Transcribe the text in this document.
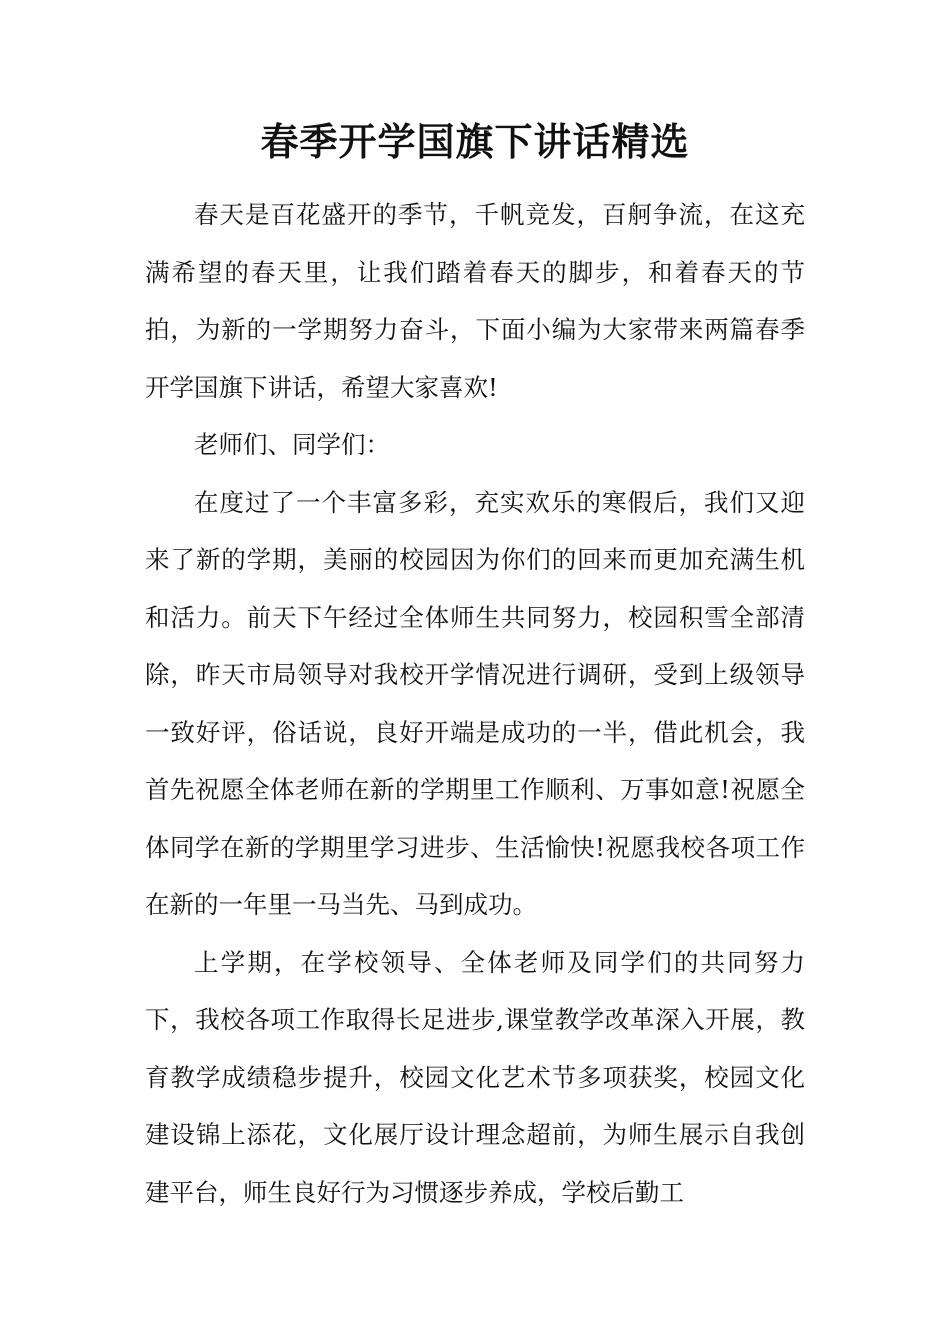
春季开学国旗下讲话精选

春天是百花盛开的季节，千帆竞发，百舸争流，在这充满希望的春天里，让我们踏着春天的脚步，和着春天的节拍，为新的一学期努力奋斗，下面小编为大家带来两篇春季开学国旗下讲话，希望大家喜欢!

老师们、同学们：

在度过了一个丰富多彩，充实欢乐的寒假后，我们又迎来了新的学期，美丽的校园因为你们的回来而更加充满生机和活力。前天下午经过全体师生共同努力，校园积雪全部清除，昨天市局领导对我校开学情况进行调研，受到上级领导一致好评，俗话说，良好开端是成功的一半，借此机会，我首先祝愿全体老师在新的学期里工作顺利、万事如意!祝愿全体同学在新的学期里学习进步、生活愉快!祝愿我校各项工作在新的一年里一马当先、马到成功。

上学期，在学校领导、全体老师及同学们的共同努力下，我校各项工作取得长足进步,课堂教学改革深入开展，教育教学成绩稳步提升，校园文化艺术节多项获奖，校园文化建设锦上添花，文化展厅设计理念超前，为师生展示自我创建平台，师生良好行为习惯逐步养成，学校后勤工
